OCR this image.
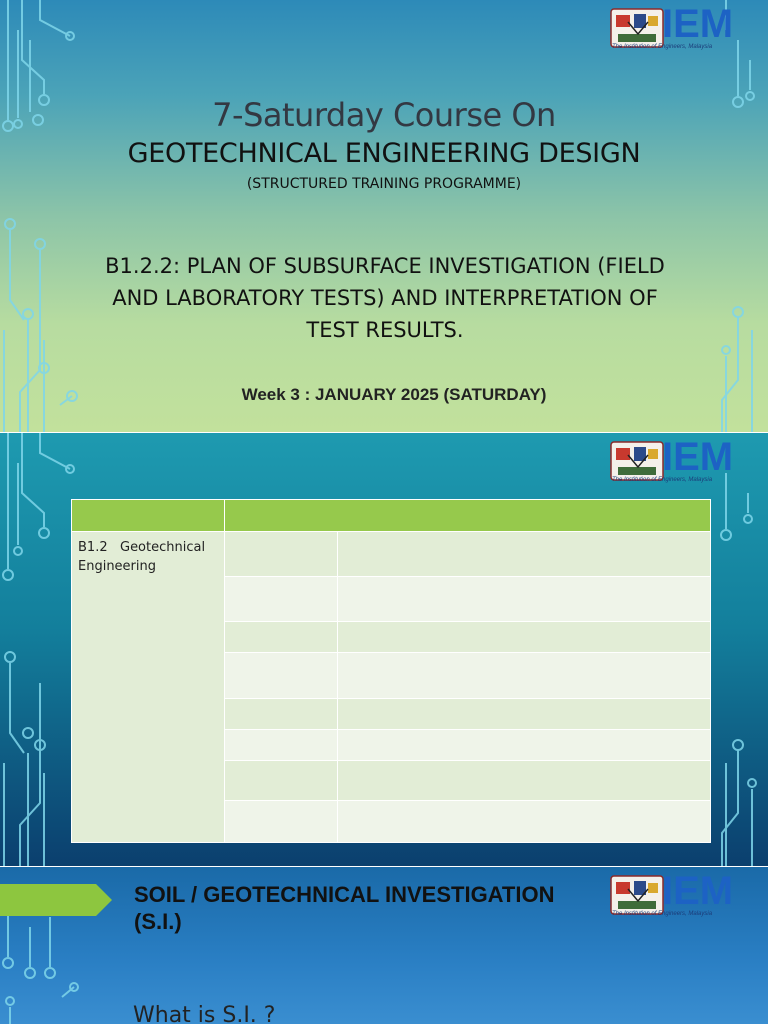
IEM
The Institution of Engineers, Malaysia
7-Saturday Course On
GEOTECHNICAL ENGINEERING DESIGN
(STRUCTURED TRAINING PROGRAMME)
B1.2.2: PLAN OF SUBSURFACE INVESTIGATION (FIELD
AND LABORATORY TESTS) AND INTERPRETATION OF
TEST RESULTS.
Week 3 : JANUARY 2025 (SATURDAY)
IEM
The Institution of Engineers, Malaysia

B1.2   Geotechnical
Engineering		

IEM
The Institution of Engineers, Malaysia
SOIL / GEOTECHNICAL INVESTIGATION
(S.I.)
What is S.I. ?
